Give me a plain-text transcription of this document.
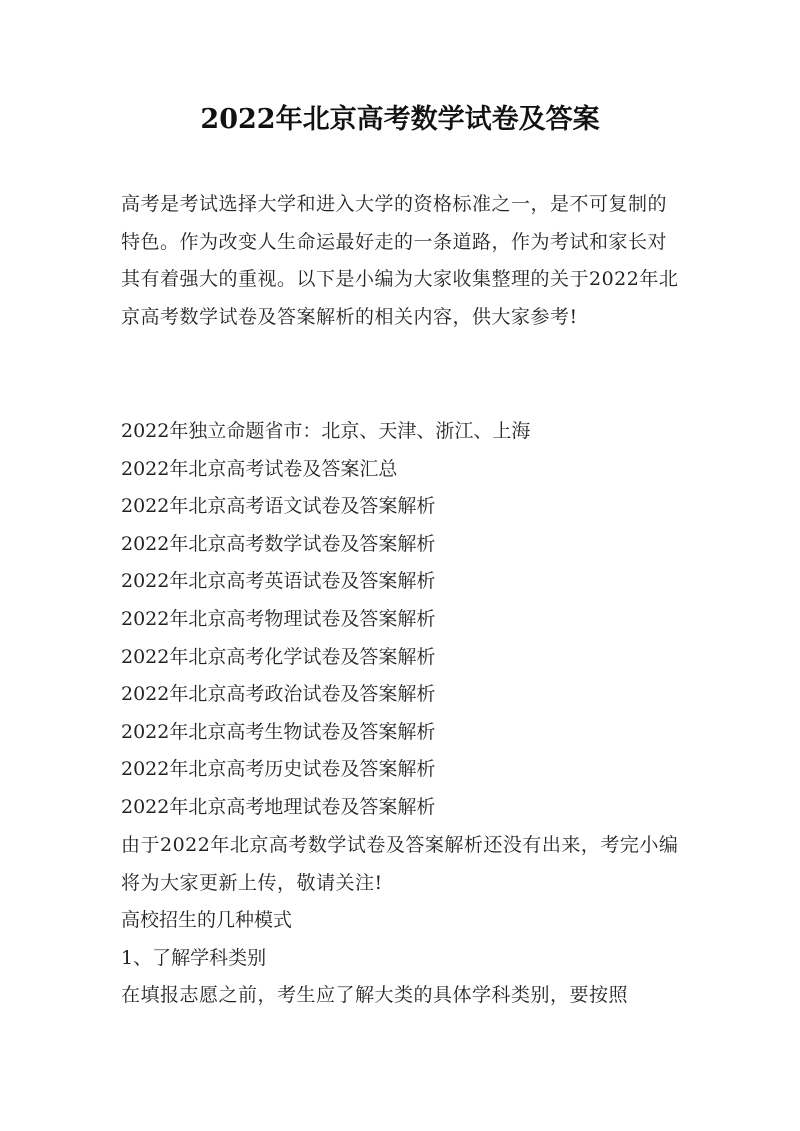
2022年北京高考数学试卷及答案

高考是考试选择大学和进入大学的资格标准之一，是不可复制的特色。作为改变人生命运最好走的一条道路，作为考试和家长对其有着强大的重视。以下是小编为大家收集整理的关于2022年北京高考数学试卷及答案解析的相关内容，供大家参考!

2022年独立命题省市：北京、天津、浙江、上海
2022年北京高考试卷及答案汇总
2022年北京高考语文试卷及答案解析
2022年北京高考数学试卷及答案解析
2022年北京高考英语试卷及答案解析
2022年北京高考物理试卷及答案解析
2022年北京高考化学试卷及答案解析
2022年北京高考政治试卷及答案解析
2022年北京高考生物试卷及答案解析
2022年北京高考历史试卷及答案解析
2022年北京高考地理试卷及答案解析

由于2022年北京高考数学试卷及答案解析还没有出来，考完小编将为大家更新上传，敬请关注!

高校招生的几种模式
1、了解学科类别
在填报志愿之前，考生应了解大类的具体学科类别，要按照
